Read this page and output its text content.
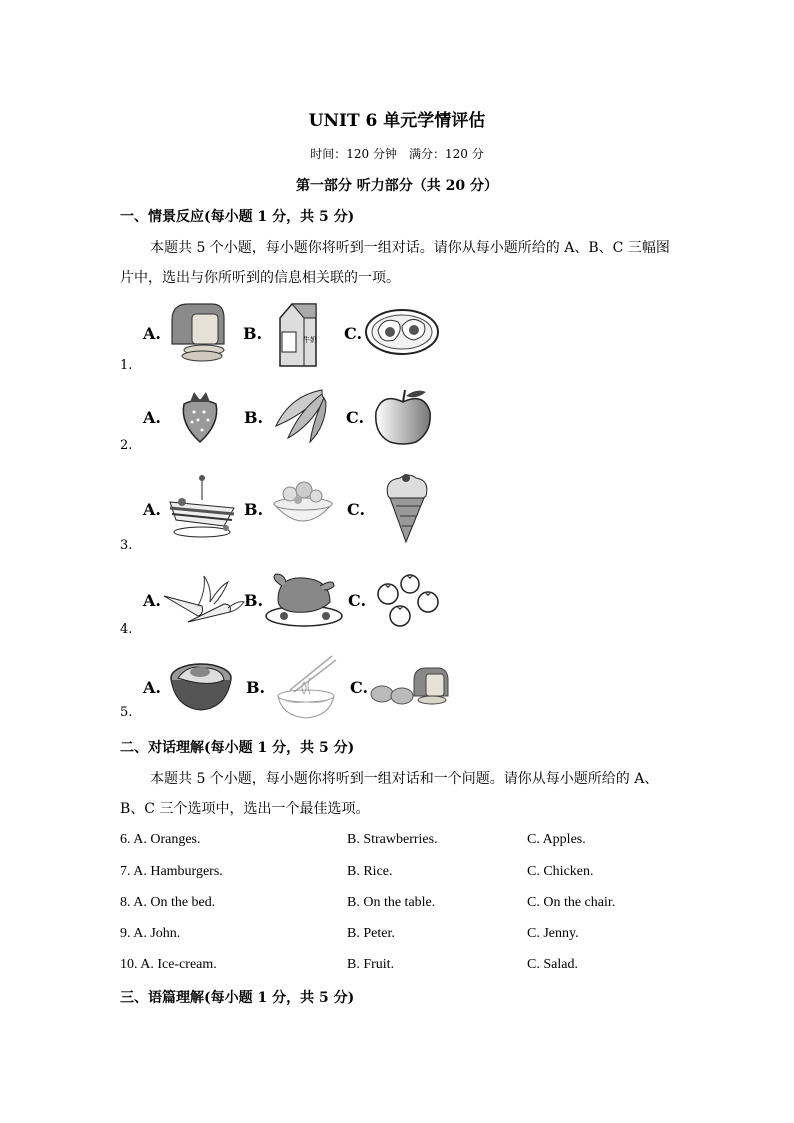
UNIT 6 单元学情评估
时间：120 分钟　满分：120 分
第一部分 听力部分（共 20 分）
一、情景反应(每小题 1 分，共 5 分)
本题共 5 个小题，每小题你将听到一组对话。请你从每小题所给的 A、B、C 三幅图片中，选出与你所听到的信息相关联的一项。
A.	B.	牛奶 C.
1.
A.	B.	C.
2.
A.	B.	C.
3.
A.	B.	C.
4.
A.	B.	C.
5.
二、对话理解(每小题 1 分，共 5 分)
本题共 5 个小题，每小题你将听到一组对话和一个问题。请你从每小题所给的 A、B、C 三个选项中，选出一个最佳选项。
6. A. Oranges.	B. Strawberries.	C. Apples.
7. A. Hamburgers.	B. Rice.	C. Chicken.
8. A. On the bed.	B. On the table.	C. On the chair.
9. A. John.	B. Peter.	C. Jenny.
10. A. Ice-cream.	B. Fruit.	C. Salad.
三、语篇理解(每小题 1 分，共 5 分)
